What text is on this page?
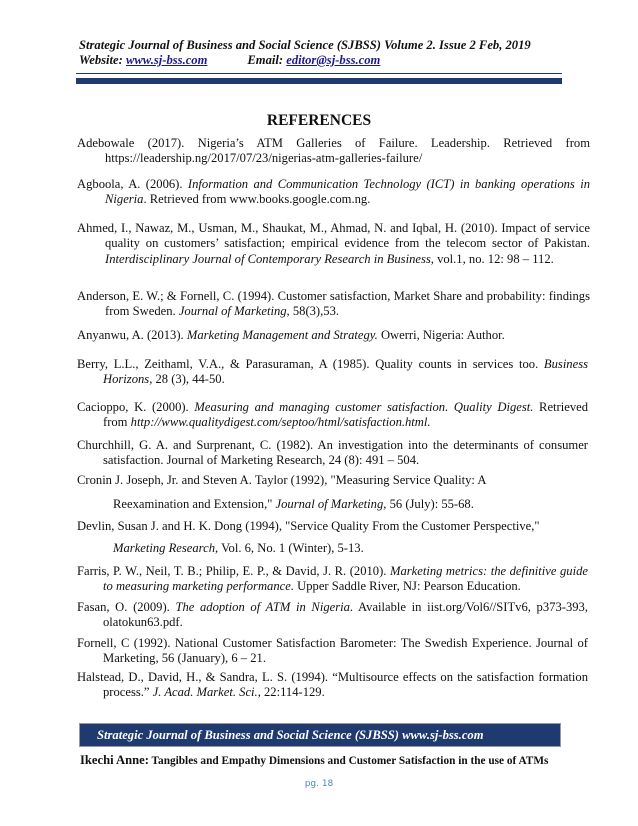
Strategic Journal of Business and Social Science (SJBSS) Volume 2. Issue 2 Feb, 2019
Website: www.sj-bss.com	Email: editor@sj-bss.com
REFERENCES
Adebowale (2017). Nigeria’s ATM Galleries of Failure. Leadership. Retrieved from https://leadership.ng/2017/07/23/nigerias-atm-galleries-failure/
Agboola, A. (2006). Information and Communication Technology (ICT) in banking operations in Nigeria. Retrieved from www.books.google.com.ng.
Ahmed, I., Nawaz, M., Usman, M., Shaukat, M., Ahmad, N. and Iqbal, H. (2010). Impact of service quality on customers’ satisfaction; empirical evidence from the telecom sector of Pakistan. Interdisciplinary Journal of Contemporary Research in Business, vol.1, no. 12: 98 – 112.
Anderson, E. W.; & Fornell, C. (1994). Customer satisfaction, Market Share and probability: findings from Sweden. Journal of Marketing, 58(3),53.
Anyanwu, A. (2013). Marketing Management and Strategy. Owerri, Nigeria: Author.
Berry, L.L., Zeithaml, V.A., & Parasuraman, A (1985). Quality counts in services too. Business Horizons, 28 (3), 44-50.
Cacioppo, K. (2000). Measuring and managing customer satisfaction. Quality Digest. Retrieved from http://www.qualitydigest.com/septoo/html/satisfaction.html.
Churchhill, G. A. and Surprenant, C. (1982). An investigation into the determinants of consumer satisfaction. Journal of Marketing Research, 24 (8): 491 – 504.
Cronin J. Joseph, Jr. and Steven A. Taylor (1992), "Measuring Service Quality: A
Reexamination and Extension," Journal of Marketing, 56 (July): 55-68.
Devlin, Susan J. and H. K. Dong (1994), "Service Quality From the Customer Perspective,"
Marketing Research, Vol. 6, No. 1 (Winter), 5-13.
Farris, P. W., Neil, T. B.; Philip, E. P., & David, J. R. (2010). Marketing metrics: the definitive guide to measuring marketing performance. Upper Saddle River, NJ: Pearson Education.
Fasan, O. (2009). The adoption of ATM in Nigeria. Available in iist.org/Vol6//SITv6, p373-393, olatokun63.pdf.
Fornell, C (1992). National Customer Satisfaction Barometer: The Swedish Experience. Journal of Marketing, 56 (January), 6 – 21.
Halstead, D., David, H., & Sandra, L. S. (1994). “Multisource effects on the satisfaction formation process.” J. Acad. Market. Sci., 22:114-129.
Strategic Journal of Business and Social Science (SJBSS) www.sj-bss.com
Ikechi Anne: Tangibles and Empathy Dimensions and Customer Satisfaction in the use of ATMs
pg. 18
